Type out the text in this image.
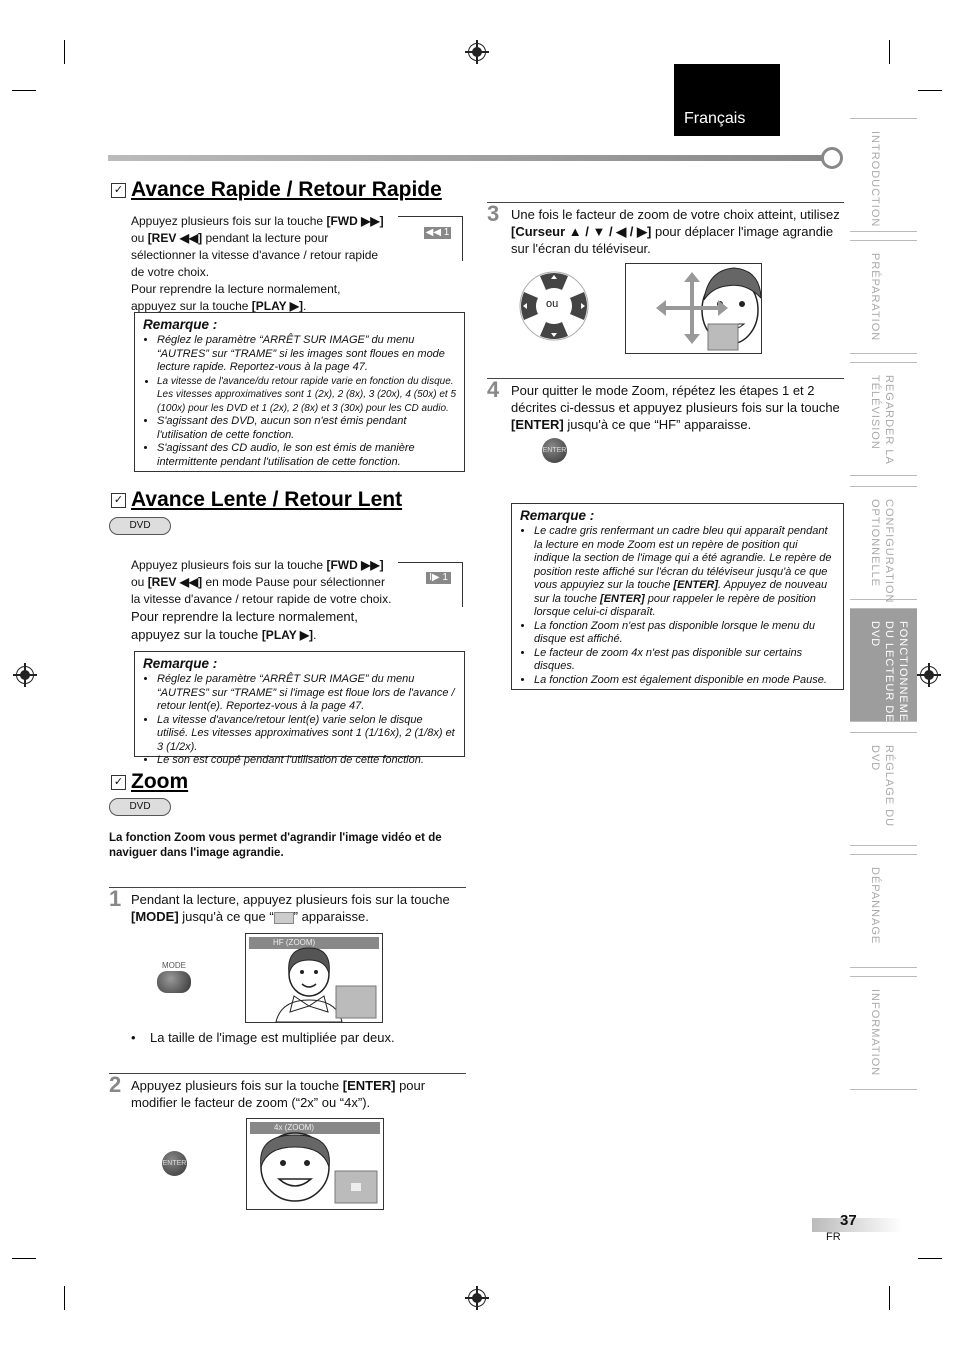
Français
INTRODUCTION
PRÉPARATION
REGARDER LA TÉLÉVISION
CONFIGURATION OPTIONNELLE
FONCTIONNEMENT DU LECTEUR DE DVD
RÉGLAGE DU DVD
DÉPANNAGE
INFORMATION
✓ Avance Rapide / Retour Rapide
Appuyez plusieurs fois sur la touche [FWD ▶▶] ou [REV ◀◀] pendant la lecture pour sélectionner la vitesse d'avance / retour rapide de votre choix.
Pour reprendre la lecture normalement, appuyez sur la touche [PLAY ▶].
◀◀ 1
Remarque :
• Réglez le paramètre “ARRÊT SUR IMAGE” du menu “AUTRES” sur “TRAME” si les images sont floues en mode lecture rapide. Reportez-vous à la page 47.
• La vitesse de l'avance/du retour rapide varie en fonction du disque. Les vitesses approximatives sont 1 (2x), 2 (8x), 3 (20x), 4 (50x) et 5 (100x) pour les DVD et 1 (2x), 2 (8x) et 3 (30x) pour les CD audio.
• S'agissant des DVD, aucun son n'est émis pendant l'utilisation de cette fonction.
• S'agissant des CD audio, le son est émis de manière intermittente pendant l'utilisation de cette fonction.
✓ Avance Lente / Retour Lent
DVD
Appuyez plusieurs fois sur la touche [FWD ▶▶] ou [REV ◀◀] en mode Pause pour sélectionner la vitesse d'avance / retour rapide de votre choix.
Pour reprendre la lecture normalement, appuyez sur la touche [PLAY ▶].
I▶ 1
Remarque :
• Réglez le paramètre “ARRÊT SUR IMAGE” du menu “AUTRES” sur “TRAME” si l'image est floue lors de l'avance / retour lent(e). Reportez-vous à la page 47.
• La vitesse d'avance/retour lent(e) varie selon le disque utilisé. Les vitesses approximatives sont 1 (1/16x), 2 (1/8x) et 3 (1/2x).
• Le son est coupé pendant l'utilisation de cette fonction.
✓ Zoom
DVD
La fonction Zoom vous permet d'agrandir l'image vidéo et de naviguer dans l'image agrandie.
1 Pendant la lecture, appuyez plusieurs fois sur la touche [MODE] jusqu'à ce que “ ” apparaisse.
MODE
HF (ZOOM)
•    La taille de l'image est multipliée par deux.
2 Appuyez plusieurs fois sur la touche [ENTER] pour modifier le facteur de zoom (“2x” ou “4x”).
ENTER
4x (ZOOM)
3 Une fois le facteur de zoom de votre choix atteint, utilisez [Curseur ▲ / ▼ / ◀ / ▶] pour déplacer l'image agrandie sur l'écran du téléviseur.
ou
4 Pour quitter le mode Zoom, répétez les étapes 1 et 2 décrites ci-dessus et appuyez plusieurs fois sur la touche [ENTER] jusqu'à ce que “HF” apparaisse.
ENTER
Remarque :
• Le cadre gris renfermant un cadre bleu qui apparaît pendant la lecture en mode Zoom est un repère de position qui indique la section de l'image qui a été agrandie. Le repère de position reste affiché sur l'écran du téléviseur jusqu'à ce que vous appuyiez sur la touche [ENTER]. Appuyez de nouveau sur la touche [ENTER] pour rappeler le repère de position lorsque celui-ci disparaît.
• La fonction Zoom n'est pas disponible lorsque le menu du disque est affiché.
• Le facteur de zoom 4x n'est pas disponible sur certains disques.
• La fonction Zoom est également disponible en mode Pause.
37
FR
